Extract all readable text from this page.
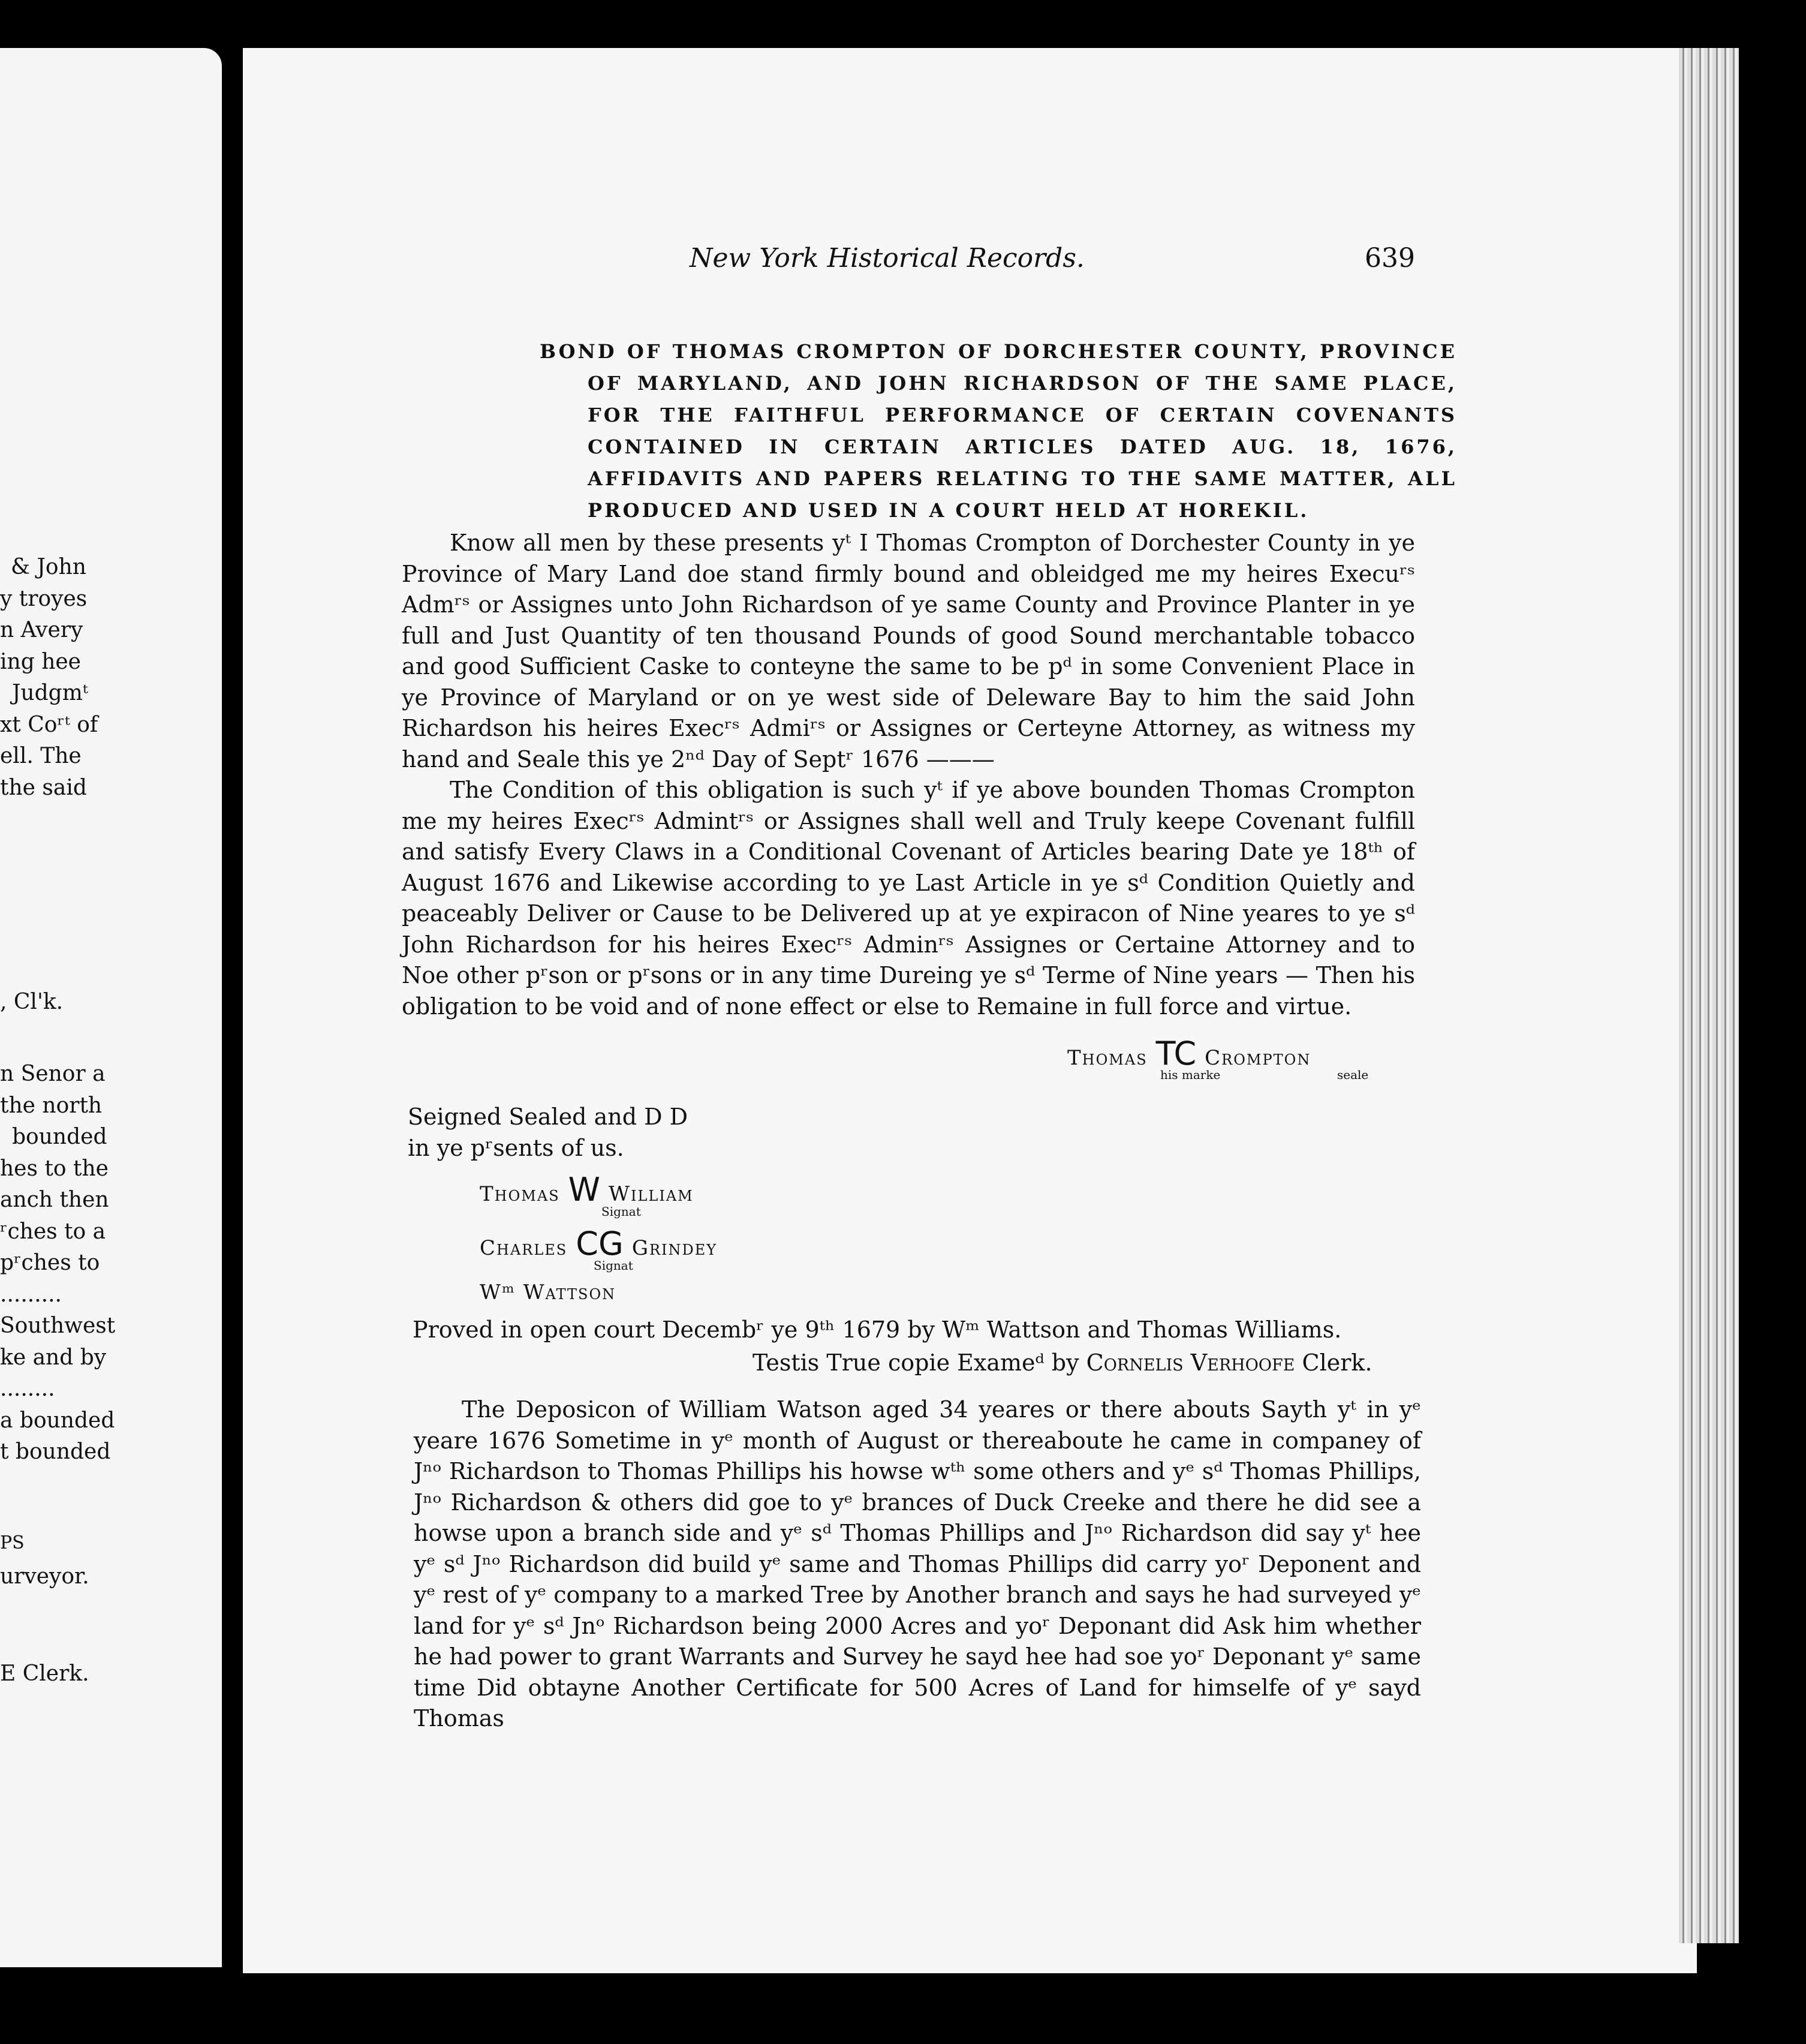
& John
y troyes
n Avery
ing hee
Judgmᵗ
xt Coʳᵗ of
ell. The
the said
, Cl'k.
n Senor a
the north
bounded
hes to the
anch then
ʳches to a
pʳches to
.........
Southwest
ke and by
........
a bounded
t bounded
PS
urveyor.
E Clerk.
New York Historical Records.	639
BOND OF THOMAS CROMPTON OF DORCHESTER COUNTY, PROVINCE OF MARYLAND, AND JOHN RICHARDSON OF THE SAME PLACE, FOR THE FAITHFUL PERFORMANCE OF CERTAIN COVENANTS CONTAINED IN CERTAIN ARTICLES DATED AUG. 18, 1676, AFFIDAVITS AND PAPERS RELATING TO THE SAME MATTER, ALL PRODUCED AND USED IN A COURT HELD AT HOREKIL.

Know all men by these presents yᵗ I Thomas Crompton of Dorchester County in ye Province of Mary Land doe stand firmly bound and obleidged me my heires Execuʳˢ Admʳˢ or Assignes unto John Richardson of ye same County and Province Planter in ye full and Just Quantity of ten thousand Pounds of good Sound merchantable tobacco and good Sufficient Caske to conteyne the same to be pᵈ in some Convenient Place in ye Province of Maryland or on ye west side of Deleware Bay to him the said John Richardson his heires Execʳˢ Admiʳˢ or Assignes or Certeyne Attorney, as witness my hand and Seale this ye 2ⁿᵈ Day of Septʳ 1676 ———

The Condition of this obligation is such yᵗ if ye above bounden Thomas Crompton me my heires Execʳˢ Admintʳˢ or Assignes shall well and Truly keepe Covenant fulfill and satisfy Every Claws in a Conditional Covenant of Articles bearing Date ye 18ᵗʰ of August 1676 and Likewise according to ye Last Article in ye sᵈ Condition Quietly and peaceably Deliver or Cause to be Delivered up at ye expiracon of Nine yeares to ye sᵈ John Richardson for his heires Execʳˢ Adminʳˢ Assignes or Certaine Attorney and to Noe other pʳson or pʳsons or in any time Dureing ye sᵈ Terme of Nine years — Then his obligation to be void and of none effect or else to Remaine in full force and virtue.

Thomas TC Crompton
his marke	seale
Seigned Sealed and D D
in ye pʳsents of us.
Thomas W William
Signat
Charles CG Grindey
Signat
Wᵐ Wattson
Proved in open court Decembʳ ye 9ᵗʰ 1679 by Wᵐ Wattson and Thomas Williams.
Testis True copie Exameᵈ by Cornelis Verhoofe Clerk.

The Deposicon of William Watson aged 34 yeares or there abouts Sayth yᵗ in yᵉ yeare 1676 Sometime in yᵉ month of August or thereaboute he came in companey of Jⁿᵒ Richardson to Thomas Phillips his howse wᵗʰ some others and yᵉ sᵈ Thomas Phillips, Jⁿᵒ Richardson & others did goe to yᵉ brances of Duck Creeke and there he did see a howse upon a branch side and yᵉ sᵈ Thomas Phillips and Jⁿᵒ Richardson did say yᵗ hee yᵉ sᵈ Jⁿᵒ Richardson did build yᵉ same and Thomas Phillips did carry yoʳ Deponent and yᵉ rest of yᵉ company to a marked Tree by Another branch and says he had surveyed yᵉ land for yᵉ sᵈ Jnᵒ Richardson being 2000 Acres and yoʳ Deponant did Ask him whether he had power to grant Warrants and Survey he sayd hee had soe yoʳ Deponant yᵉ same time Did obtayne Another Certificate for 500 Acres of Land for himselfe of yᵉ sayd Thomas
